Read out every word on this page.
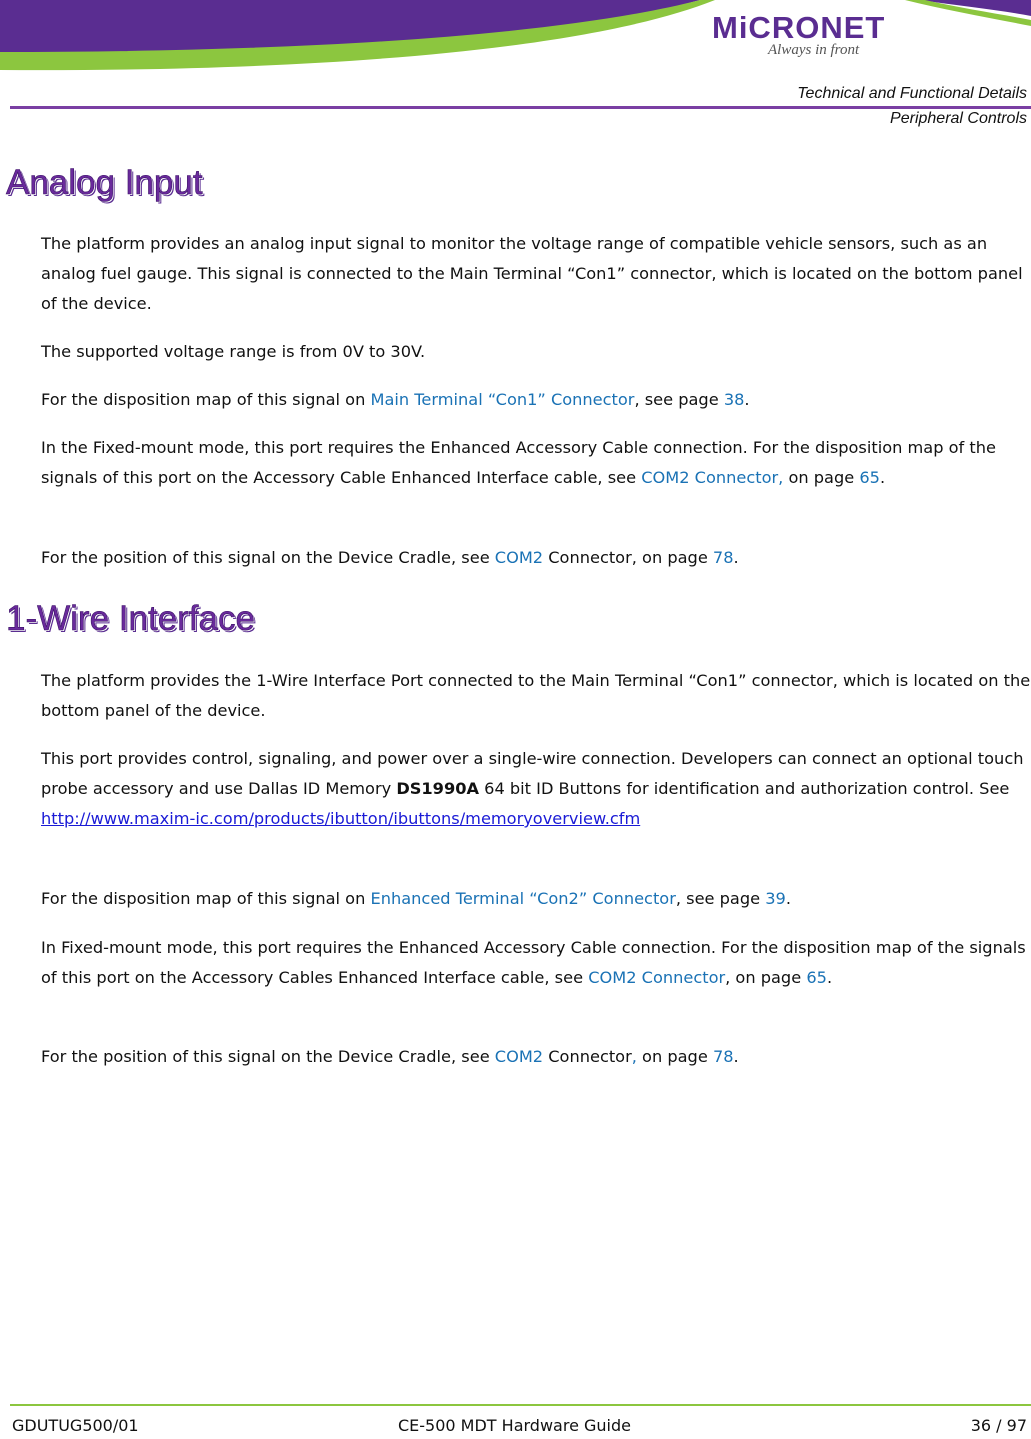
MiCRONET
Always in front
Technical and Functional Details
Peripheral Controls
Analog Input

The platform provides an analog input signal to monitor the voltage range of compatible vehicle sensors, such as an analog fuel gauge. This signal is connected to the Main Terminal “Con1” connector, which is located on the bottom panel of the device.

The supported voltage range is from 0V to 30V.

For the disposition map of this signal on Main Terminal “Con1” Connector, see page 38.

In the Fixed-mount mode, this port requires the Enhanced Accessory Cable connection. For the disposition map of the signals of this port on the Accessory Cable Enhanced Interface cable, see COM2 Connector, on page 65.

For the position of this signal on the Device Cradle, see COM2 Connector, on page 78.

1-Wire Interface

The platform provides the 1-Wire Interface Port connected to the Main Terminal “Con1” connector, which is located on the bottom panel of the device.

This port provides control, signaling, and power over a single-wire connection. Developers can connect an optional touch probe accessory and use Dallas ID Memory DS1990A 64 bit ID Buttons for identification and authorization control. See http://www.maxim-ic.com/products/ibutton/ibuttons/memoryoverview.cfm

For the disposition map of this signal on Enhanced Terminal “Con2” Connector, see page 39.

In Fixed-mount mode, this port requires the Enhanced Accessory Cable connection. For the disposition map of the signals of this port on the Accessory Cables Enhanced Interface cable, see COM2 Connector, on page 65.

For the position of this signal on the Device Cradle, see COM2 Connector, on page 78.

GDUTUG500/01	CE-500 MDT Hardware Guide	36 / 97
